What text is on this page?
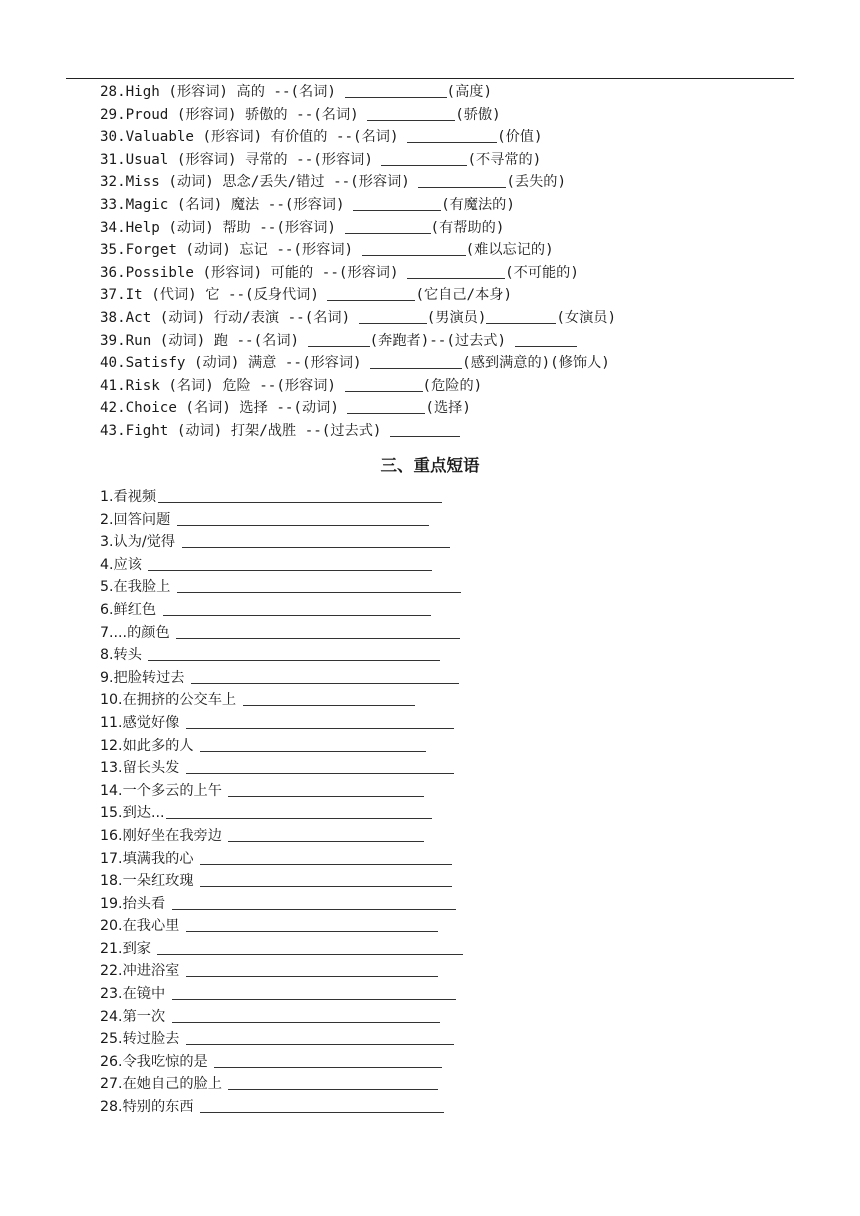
28.High (形容词) 高的 --(名词)	(高度)
29.Proud (形容词) 骄傲的 --(名词)	(骄傲)
30.Valuable (形容词) 有价值的 --(名词)	(价值)
31.Usual (形容词) 寻常的 --(形容词)	(不寻常的)
32.Miss (动词) 思念/丢失/错过 --(形容词)	(丢失的)
33.Magic (名词) 魔法 --(形容词)	(有魔法的)
34.Help (动词) 帮助 --(形容词)	(有帮助的)
35.Forget (动词) 忘记 --(形容词)	(难以忘记的)
36.Possible (形容词) 可能的 --(形容词)	(不可能的)
37.It (代词) 它 --(反身代词)	(它自己/本身)
38.Act (动词) 行动/表演 --(名词)	(男演员)	(女演员)
39.Run (动词) 跑 --(名词)	(奔跑者)--(过去式)
40.Satisfy (动词) 满意 --(形容词)	(感到满意的)(修饰人)
41.Risk (名词) 危险 --(形容词)	(危险的)
42.Choice (名词) 选择 --(动词)	(选择)
43.Fight (动词) 打架/战胜 --(过去式)
三、重点短语
1.看视频
2.回答问题
3.认为/觉得
4.应该
5.在我脸上
6.鲜红色
7....的颜色
8.转头
9.把脸转过去
10.在拥挤的公交车上
11.感觉好像
12.如此多的人
13.留长头发
14.一个多云的上午
15.到达...
16.刚好坐在我旁边
17.填满我的心
18.一朵红玫瑰
19.抬头看
20.在我心里
21.到家
22.冲进浴室
23.在镜中
24.第一次
25.转过脸去
26.令我吃惊的是
27.在她自己的脸上
28.特别的东西
